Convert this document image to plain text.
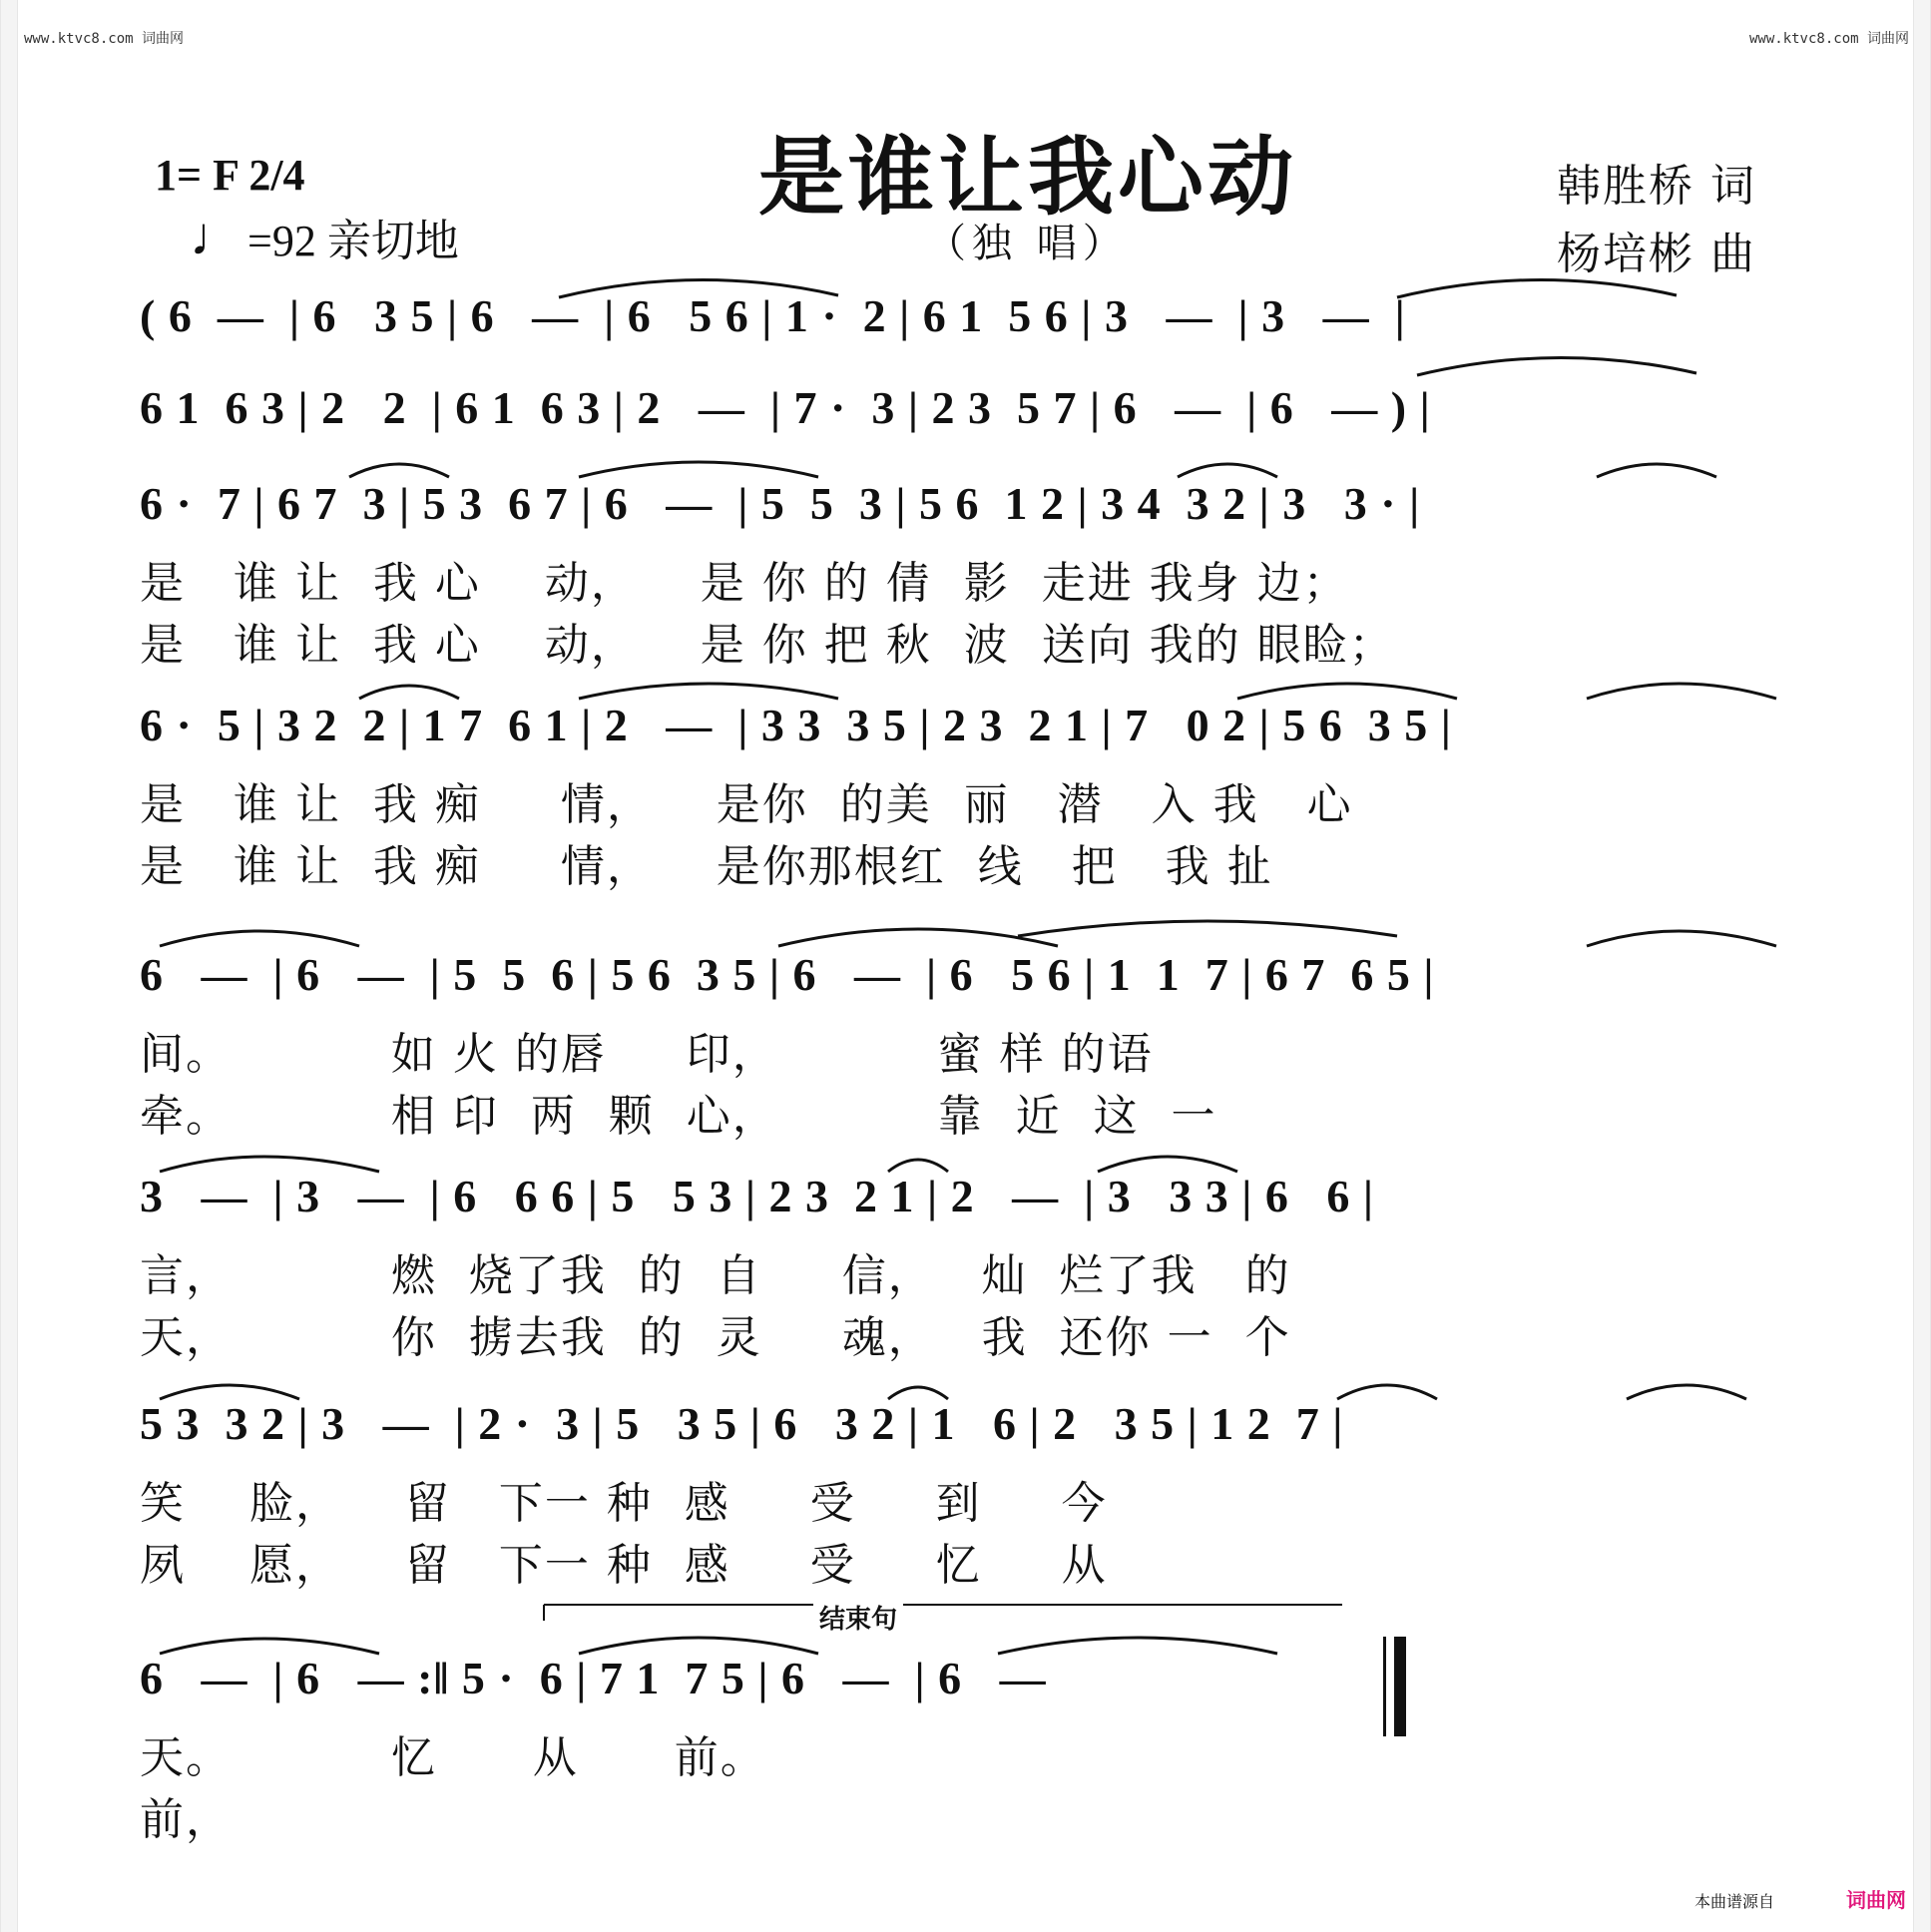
www.ktvc8.com 词曲网	www.ktvc8.com 词曲网
是谁让我心动
（独 唱）
1= F 2/4
♩ =92 亲切地
韩胜桥 词
杨培彬 曲
( 6  —  | 6   3 5 | 6   —  | 6   5 6 | 1 ·  2 | 6 1  5 6 | 3   —  | 3   —  |
6 1  6 3 | 2   2  | 6 1  6 3 | 2   —  | 7 ·  3 | 2 3  5 7 | 6   —  | 6   — ) |
6 ·  7 | 6 7  3 | 5 3  6 7 | 6   —  | 5  5  3 | 5 6  1 2 | 3 4  3 2 | 3   3 · |
是   谁 让  我 心    动，    是 你 的 倩  影  走进 我身 边；
是   谁 让  我 心    动，    是 你 把 秋  波  送向 我的 眼睑；
6 ·  5 | 3 2  2 | 1 7  6 1 | 2   —  | 3 3  3 5 | 2 3  2 1 | 7   0 2 | 5 6  3 5 |
是   谁 让  我 痴     情，    是你  的美  丽   潜   入 我   心
是   谁 让  我 痴     情，    是你那根红  线   把   我 扯
6   —  | 6   —  | 5  5  6 | 5 6  3 5 | 6   —  | 6   5 6 | 1  1  7 | 6 7  6 5 |
间。          如 火 的唇     印，          蜜 样 的语
牵。          相 印  两  颗  心，          靠  近  这  一
3   —  | 3   —  | 6   6 6 | 5   5 3 | 2 3  2 1 | 2   —  | 3   3 3 | 6   6 |
言，          燃  烧了我  的  自     信，   灿  烂了我   的
天，          你  掳去我  的  灵     魂，   我  还你 一  个
5 3  3 2 | 3   —  | 2 ·  3 | 5   3 5 | 6   3 2 | 1   6 | 2   3 5 | 1 2  7 |
笑    脸，    留   下一 种  感     受     到     今
夙    愿，    留   下一 种  感     受     忆     从
结束句
6   —  | 6   — :‖ 5 ·  6 | 7 1  7 5 | 6   —  | 6   —
天。          忆      从      前。
前，
本曲谱源自	词曲网
